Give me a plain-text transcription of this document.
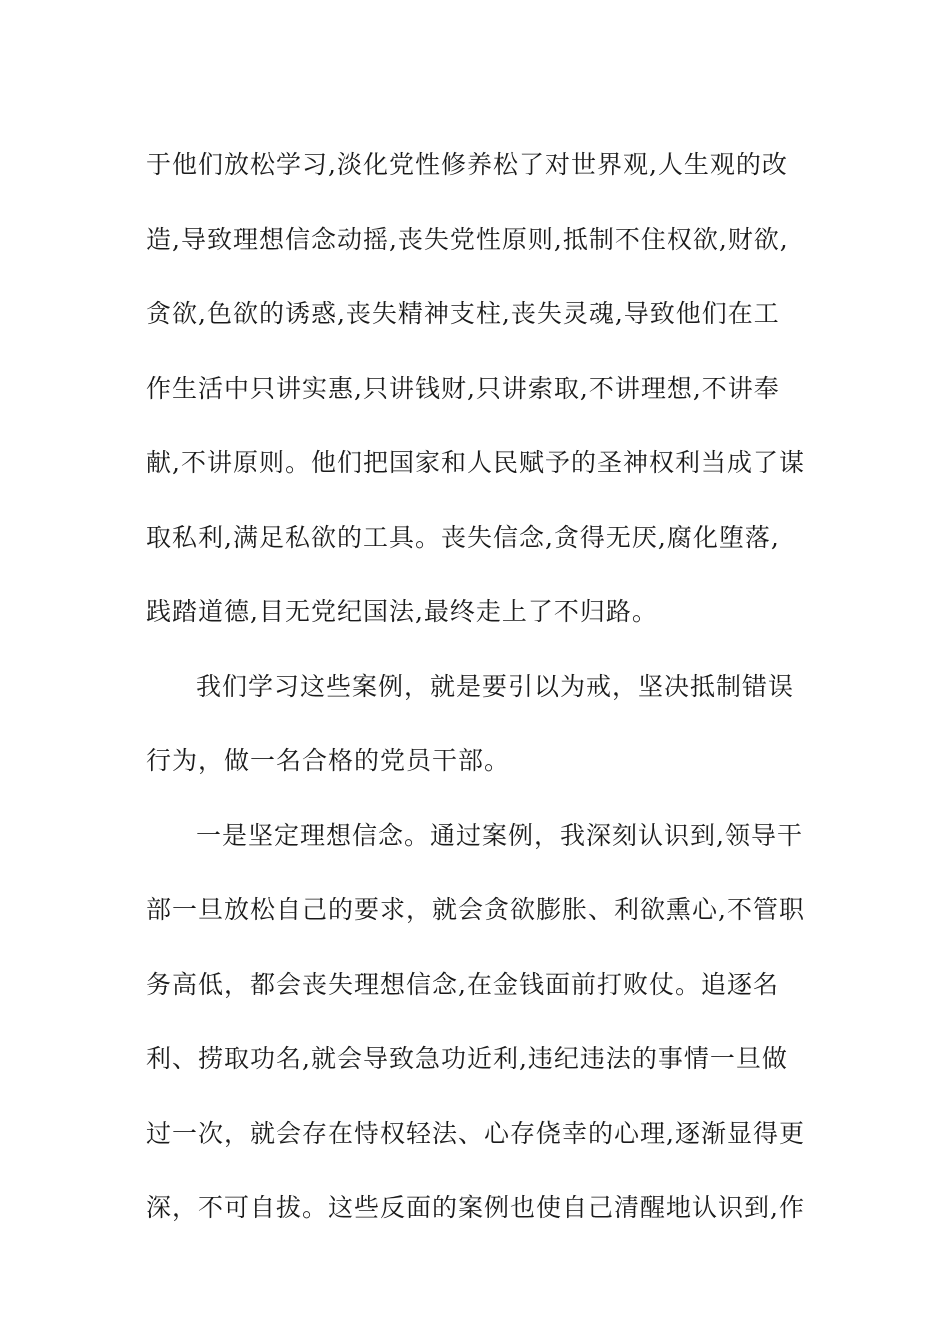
于他们放松学习,淡化党性修养松了对世界观,人生观的改
造,导致理想信念动摇,丧失党性原则,抵制不住权欲,财欲,
贪欲,色欲的诱惑,丧失精神支柱,丧失灵魂,导致他们在工
作生活中只讲实惠,只讲钱财,只讲索取,不讲理想,不讲奉
献,不讲原则。他们把国家和人民赋予的圣神权利当成了谋
取私利,满足私欲的工具。丧失信念,贪得无厌,腐化堕落,
践踏道德,目无党纪国法,最终走上了不归路。
我们学习这些案例，就是要引以为戒，坚决抵制错误
行为，做一名合格的党员干部。
一是坚定理想信念。通过案例，我深刻认识到,领导干
部一旦放松自己的要求，就会贪欲膨胀、利欲熏心,不管职
务高低，都会丧失理想信念,在金钱面前打败仗。追逐名
利、捞取功名,就会导致急功近利,违纪违法的事情一旦做
过一次，就会存在恃权轻法、心存侥幸的心理,逐渐显得更
深，不可自拔。这些反面的案例也使自己清醒地认识到,作
